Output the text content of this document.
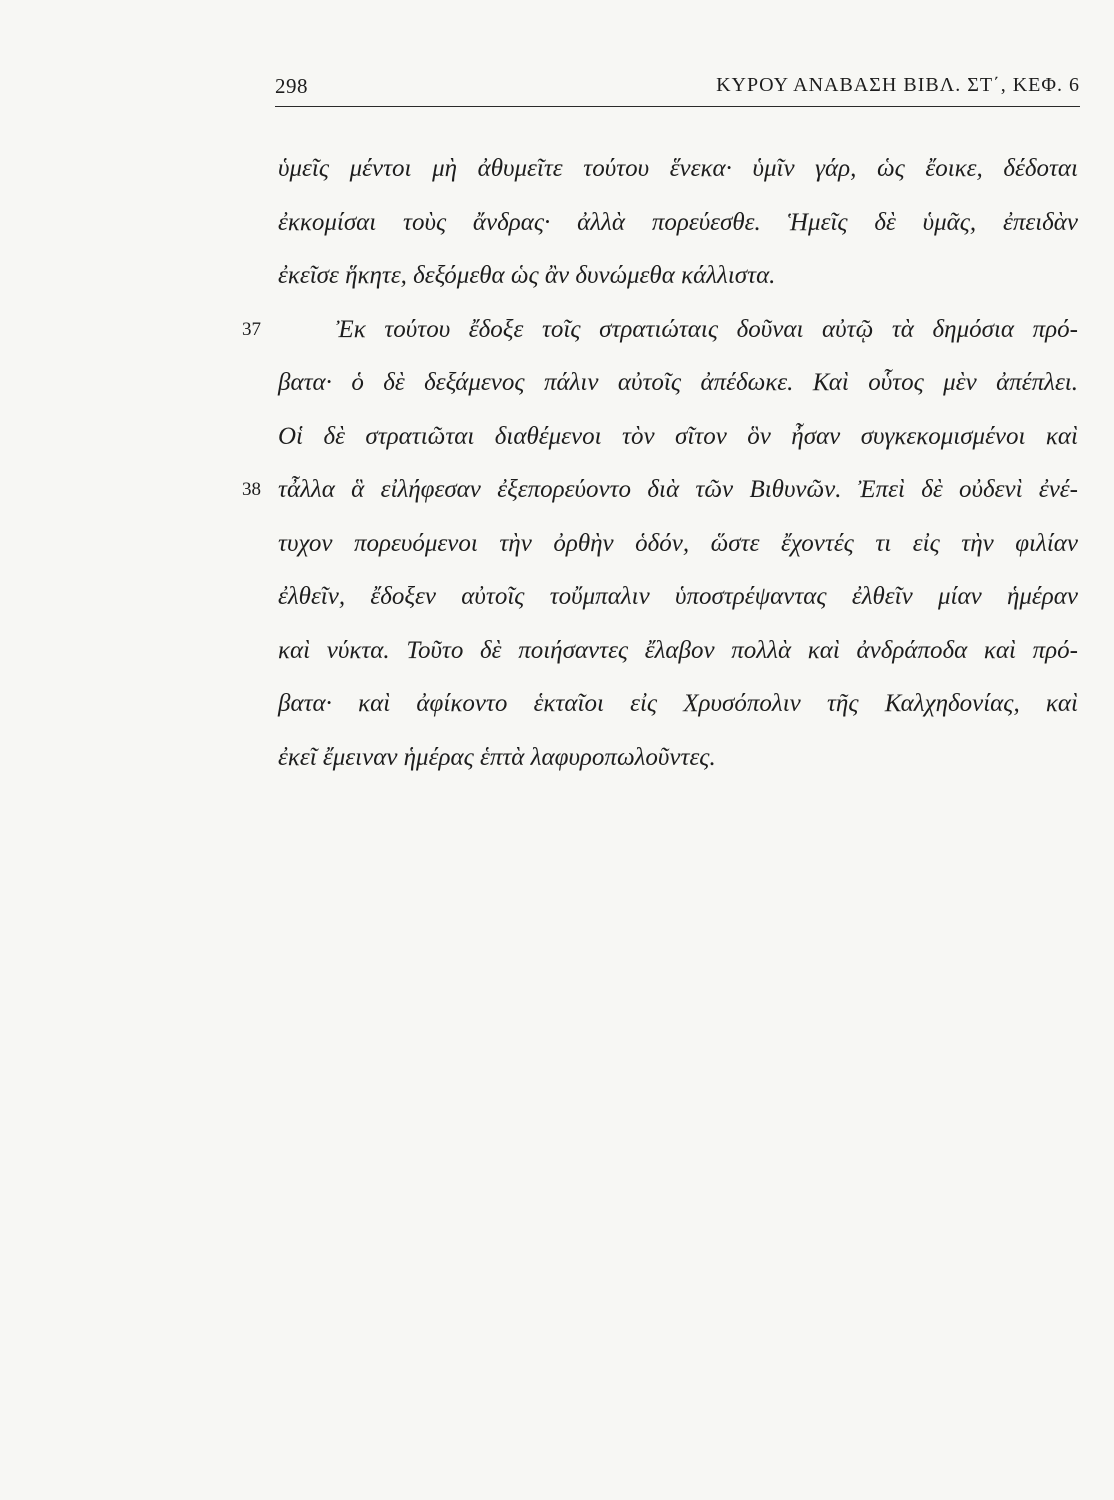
298	ΚΥΡΟΥ ΑΝΑΒΑΣΗ ΒΙΒΛ. ΣΤ΄, ΚΕΦ. 6
ὑμεῖς μέντοι μὴ ἀθυμεῖτε τούτου ἕνεκα· ὑμῖν γάρ, ὡς ἔοικε, δέδοται
ἐκκομίσαι τοὺς ἄνδρας· ἀλλὰ πορεύεσθε. Ἡμεῖς δὲ ὑμᾶς, ἐπειδὰν
ἐκεῖσε ἥκητε, δεξόμεθα ὡς ἂν δυνώμεθα κάλλιστα.
37	Ἐκ τούτου ἔδοξε τοῖς στρατιώταις δοῦναι αὐτῷ τὰ δημόσια πρό-
βατα· ὁ δὲ δεξάμενος πάλιν αὐτοῖς ἀπέδωκε. Καὶ οὗτος μὲν ἀπέπλει.
Οἱ δὲ στρατιῶται διαθέμενοι τὸν σῖτον ὃν ἦσαν συγκεκομισμένοι καὶ
38 τἆλλα ἃ εἰλήφεσαν ἐξεπορεύοντο διὰ τῶν Βιθυνῶν. Ἐπεὶ δὲ οὐδενὶ ἐνέ-
τυχον πορευόμενοι τὴν ὀρθὴν ὁδόν, ὥστε ἔχοντές τι εἰς τὴν φιλίαν
ἐλθεῖν, ἔδοξεν αὐτοῖς τοὔμπαλιν ὑποστρέψαντας ἐλθεῖν μίαν ἡμέραν
καὶ νύκτα. Τοῦτο δὲ ποιήσαντες ἔλαβον πολλὰ καὶ ἀνδράποδα καὶ πρό-
βατα· καὶ ἀφίκοντο ἑκταῖοι εἰς Χρυσόπολιν τῆς Καλχηδονίας, καὶ
ἐκεῖ ἔμειναν ἡμέρας ἑπτὰ λαφυροπωλοῦντες.
